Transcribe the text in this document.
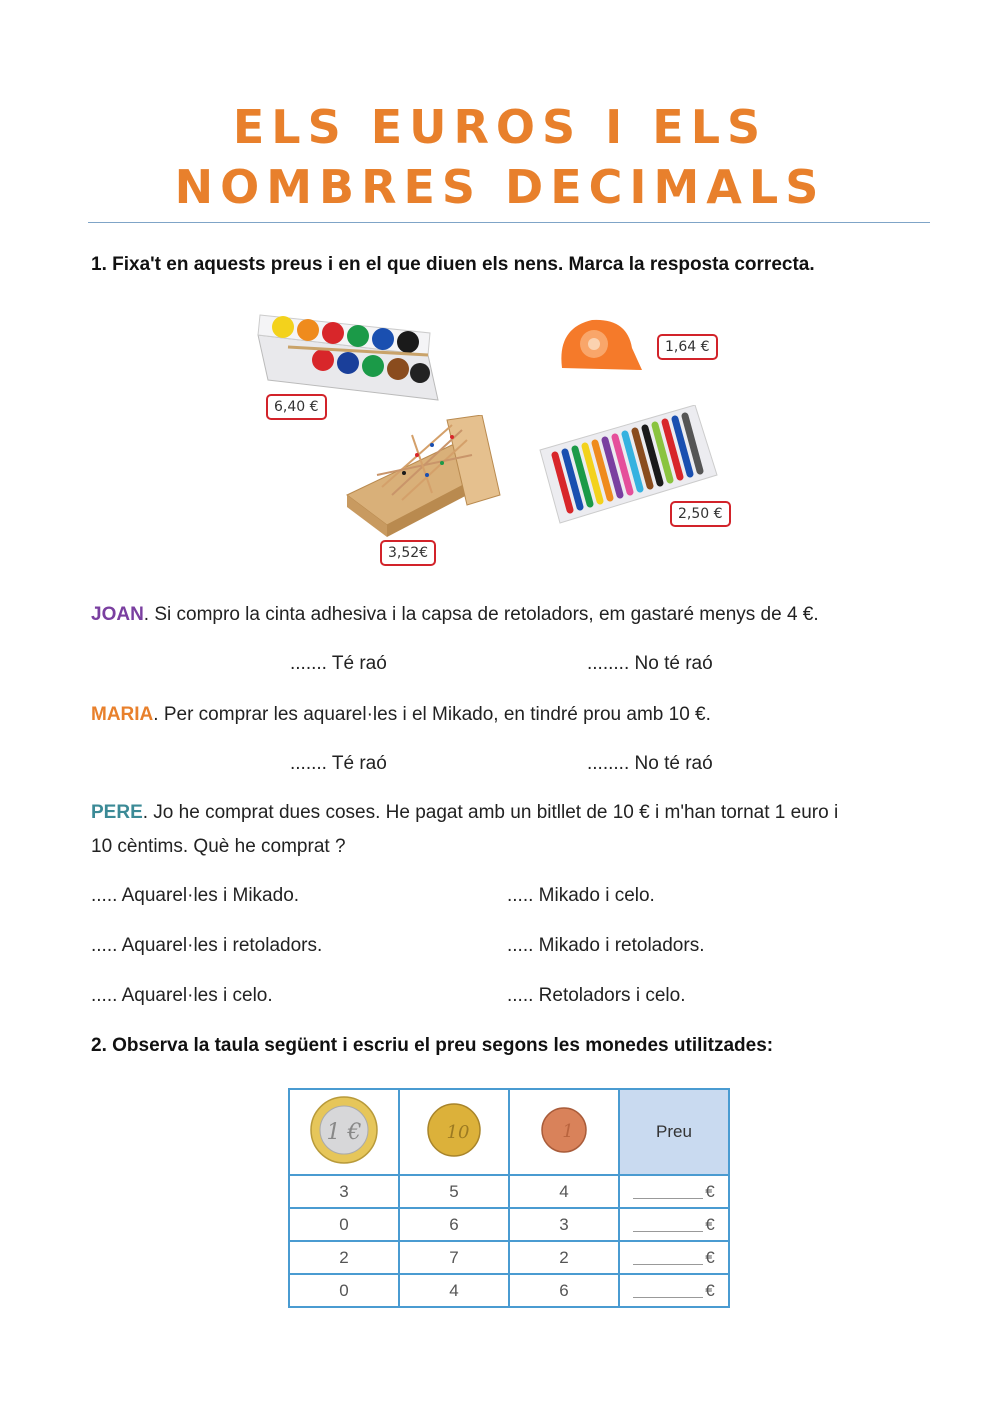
ELS EUROS I ELS
NOMBRES DECIMALS
1. Fixa't en aquests preus i en el que diuen els nens. Marca la resposta correcta.
6,40 €
1,64 €
3,52€
2,50 €
JOAN. Si compro la cinta adhesiva i la capsa de retoladors, em gastaré menys de 4 €.
....... Té raó	........ No té raó
MARIA. Per comprar les aquarel·les i el Mikado, en tindré prou amb 10 €.
....... Té raó	........ No té raó
PERE. Jo he comprat dues coses. He pagat amb un bitllet de 10 € i m'han tornat 1 euro i
10 cèntims. Què he comprat ?
..... Aquarel·les i Mikado.	..... Mikado i celo.
..... Aquarel·les i retoladors.	..... Mikado i retoladors.
..... Aquarel·les i celo.	..... Retoladors i celo.
2. Observa la taula següent i escriu el preu segons les monedes utilitzades:
1 €	10	1	Preu
3	5	4	€
0	6	3	€
2	7	2	€
0	4	6	€
